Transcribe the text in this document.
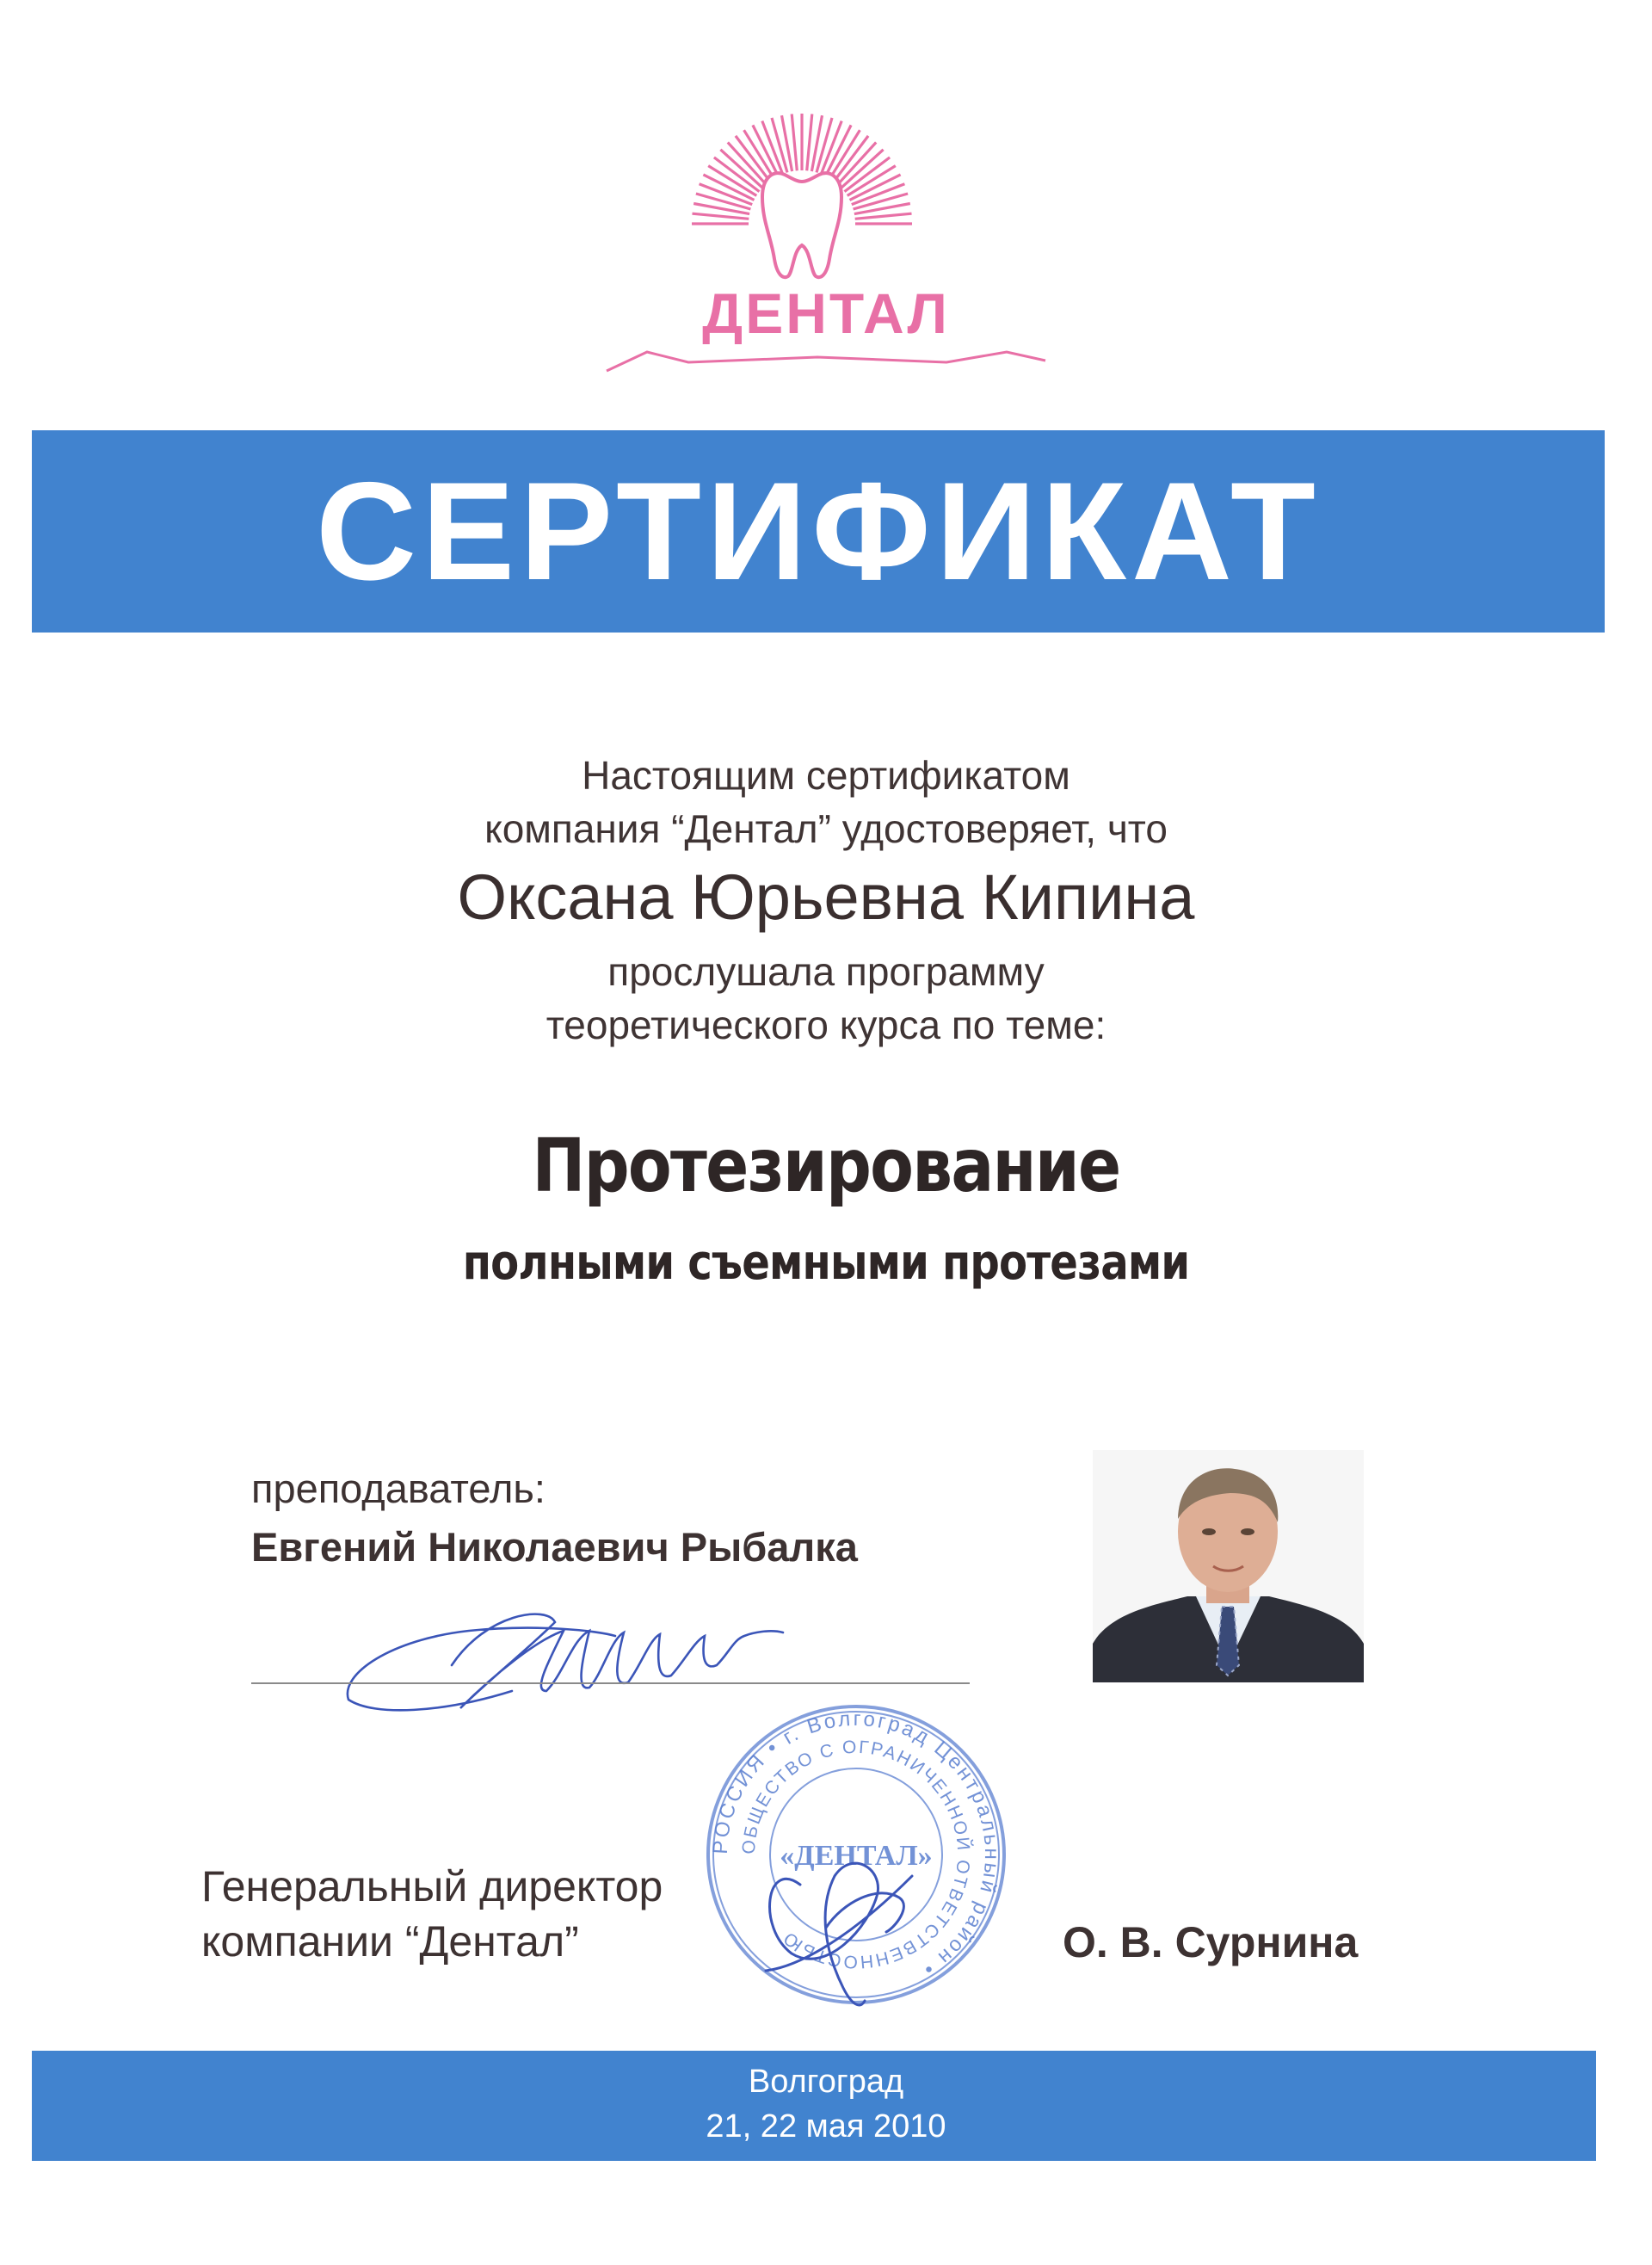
ДЕНТАЛ
СЕРТИФИКАТ
Настоящим сертификатом
компания “Дентал” удостоверяет, что
Оксана Юрьевна Кипина
прослушала программу
теоретического курса по теме:
Протезирование
полными съемными протезами
преподаватель:
Евгений Николаевич Рыбалка
Генеральный директор
компании “Дентал”	О. В. Сурнина
РОССИЯ • г. Волгоград Центральный район •
ОБЩЕСТВО С ОГРАНИЧЕННОЙ ОТВЕТСТВЕННОСТЬЮ
«ДЕНТАЛ»
Волгоград
21, 22 мая 2010
